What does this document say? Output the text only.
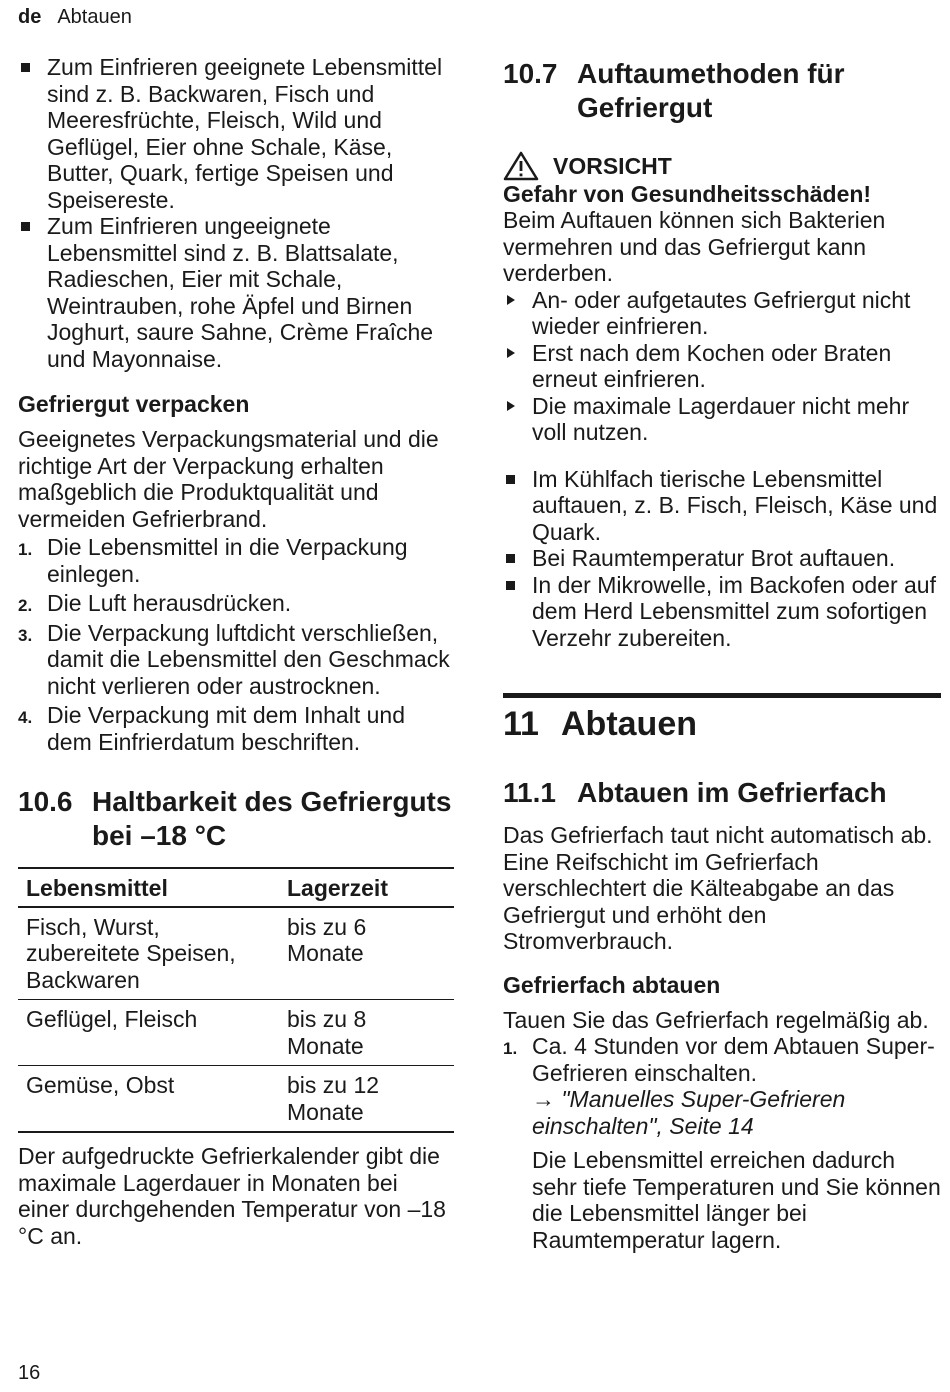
de Abtauen
Zum Einfrieren geeignete Lebensmittel sind z. B. Backwaren, Fisch und Meeresfrüchte, Fleisch, Wild und Geflügel, Eier ohne Schale, Käse, Butter, Quark, fertige Speisen und Speisereste.
Zum Einfrieren ungeeignete Lebensmittel sind z. B. Blattsalate, Radieschen, Eier mit Schale, Weintrauben, rohe Äpfel und Birnen Joghurt, saure Sahne, Crème Fraîche und Mayonnaise.

Gefriergut verpacken

Geeignetes Verpackungsmaterial und die richtige Art der Verpackung erhalten maßgeblich die Produktqualität und vermeiden Gefrierbrand.

1. Die Lebensmittel in die Verpackung einlegen.
2. Die Luft herausdrücken.
3. Die Verpackung luftdicht verschließen, damit die Lebensmittel den Geschmack nicht verlieren oder austrocknen.
4. Die Verpackung mit dem Inhalt und dem Einfrierdatum beschriften.
10.6 Haltbarkeit des Gefrierguts bei –18 °C
Lebensmittel	Lagerzeit
Fisch, Wurst, zubereitete Speisen, Backwaren	bis zu 6 Monate
Geflügel, Fleisch	bis zu 8 Monate
Gemüse, Obst	bis zu 12 Monate

Der aufgedruckte Gefrierkalender gibt die maximale Lagerdauer in Monaten bei einer durchgehenden Temperatur von –18 °C an.

10.7 Auftaumethoden für Gefriergut
VORSICHT

Gefahr von Gesundheitsschäden!

Beim Auftauen können sich Bakterien vermehren und das Gefriergut kann verderben.

An- oder aufgetautes Gefriergut nicht wieder einfrieren.
Erst nach dem Kochen oder Braten erneut einfrieren.
Die maximale Lagerdauer nicht mehr voll nutzen.
Im Kühlfach tierische Lebensmittel auftauen, z. B. Fisch, Fleisch, Käse und Quark.
Bei Raumtemperatur Brot auftauen.
In der Mikrowelle, im Backofen oder auf dem Herd Lebensmittel zum sofortigen Verzehr zubereiten.
11 Abtauen
11.1 Abtauen im Gefrierfach

Das Gefrierfach taut nicht automatisch ab. Eine Reifschicht im Gefrierfach verschlechtert die Kälteabgabe an das Gefriergut und erhöht den Stromverbrauch.

Gefrierfach abtauen

Tauen Sie das Gefrierfach regelmäßig ab.

1. Ca. 4 Stunden vor dem Abtauen Super-Gefrieren einschalten.
→ "Manuelles Super-Gefrieren einschalten", Seite 14

Die Lebensmittel erreichen dadurch sehr tiefe Temperaturen und Sie können die Lebensmittel länger bei Raumtemperatur lagern.

16
